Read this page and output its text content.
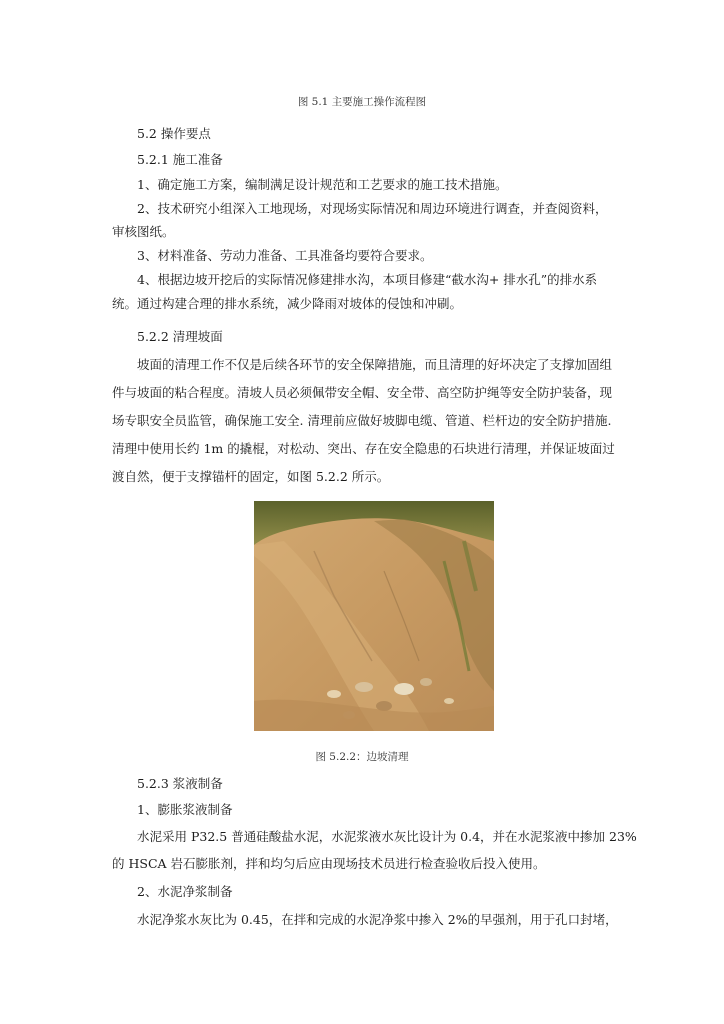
图 5.1 主要施工操作流程图
5.2 操作要点
5.2.1 施工准备
1、确定施工方案，编制满足设计规范和工艺要求的施工技术措施。
2、技术研究小组深入工地现场，对现场实际情况和周边环境进行调查，并查阅资料，
审核图纸。
3、材料准备、劳动力准备、工具准备均要符合要求。
4、根据边坡开挖后的实际情况修建排水沟，本项目修建“截水沟+ 排水孔”的排水系
统。通过构建合理的排水系统，减少降雨对坡体的侵蚀和冲刷。
5.2.2 清理坡面
坡面的清理工作不仅是后续各环节的安全保障措施，而且清理的好坏决定了支撑加固组
件与坡面的粘合程度。清坡人员必须佩带安全帽、安全带、高空防护绳等安全防护装备，现
场专职安全员监管，确保施工安全. 清理前应做好坡脚电缆、管道、栏杆边的安全防护措施.
清理中使用长约 1m 的撬棍，对松动、突出、存在安全隐患的石块进行清理，并保证坡面过
渡自然，便于支撑锚杆的固定，如图 5.2.2 所示。
图 5.2.2：边坡清理
5.2.3 浆液制备
1、膨胀浆液制备
水泥采用 P32.5 普通硅酸盐水泥，水泥浆液水灰比设计为 0.4，并在水泥浆液中掺加 23%
的 HSCA 岩石膨胀剂，拌和均匀后应由现场技术员进行检查验收后投入使用。
2、水泥净浆制备
水泥净浆水灰比为 0.45，在拌和完成的水泥净浆中掺入 2%的早强剂，用于孔口封堵，
